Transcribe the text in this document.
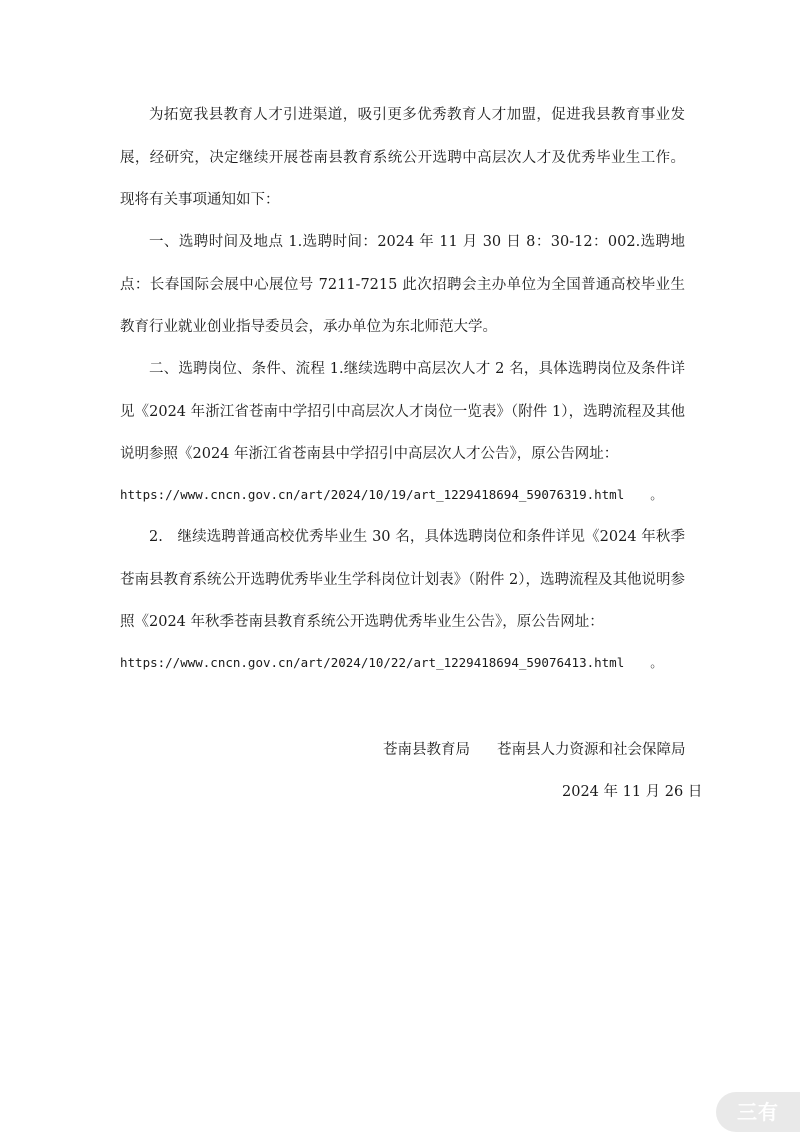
为拓宽我县教育人才引进渠道，吸引更多优秀教育人才加盟，促进我县教育事业发展，经研究，决定继续开展苍南县教育系统公开选聘中高层次人才及优秀毕业生工作。现将有关事项通知如下：

一、选聘时间及地点 1.选聘时间：2024 年 11 月 30 日 8：30-12：002.选聘地点：长春国际会展中心展位号 7211-7215 此次招聘会主办单位为全国普通高校毕业生教育行业就业创业指导委员会，承办单位为东北师范大学。

二、选聘岗位、条件、流程 1.继续选聘中高层次人才 2 名，具体选聘岗位及条件详见《2024 年浙江省苍南中学招引中高层次人才岗位一览表》（附件 1），选聘流程及其他说明参照《2024 年浙江省苍南县中学招引中高层次人才公告》，原公告网址：

https://www.cncn.gov.cn/art/2024/10/19/art_1229418694_59076319.html 。

2.　继续选聘普通高校优秀毕业生 30 名，具体选聘岗位和条件详见《2024 年秋季苍南县教育系统公开选聘优秀毕业生学科岗位计划表》（附件 2），选聘流程及其他说明参照《2024 年秋季苍南县教育系统公开选聘优秀毕业生公告》，原公告网址：

https://www.cncn.gov.cn/art/2024/10/22/art_1229418694_59076413.html 。

苍南县教育局 苍南县人力资源和社会保障局
2024 年 11 月 26 日
三有
